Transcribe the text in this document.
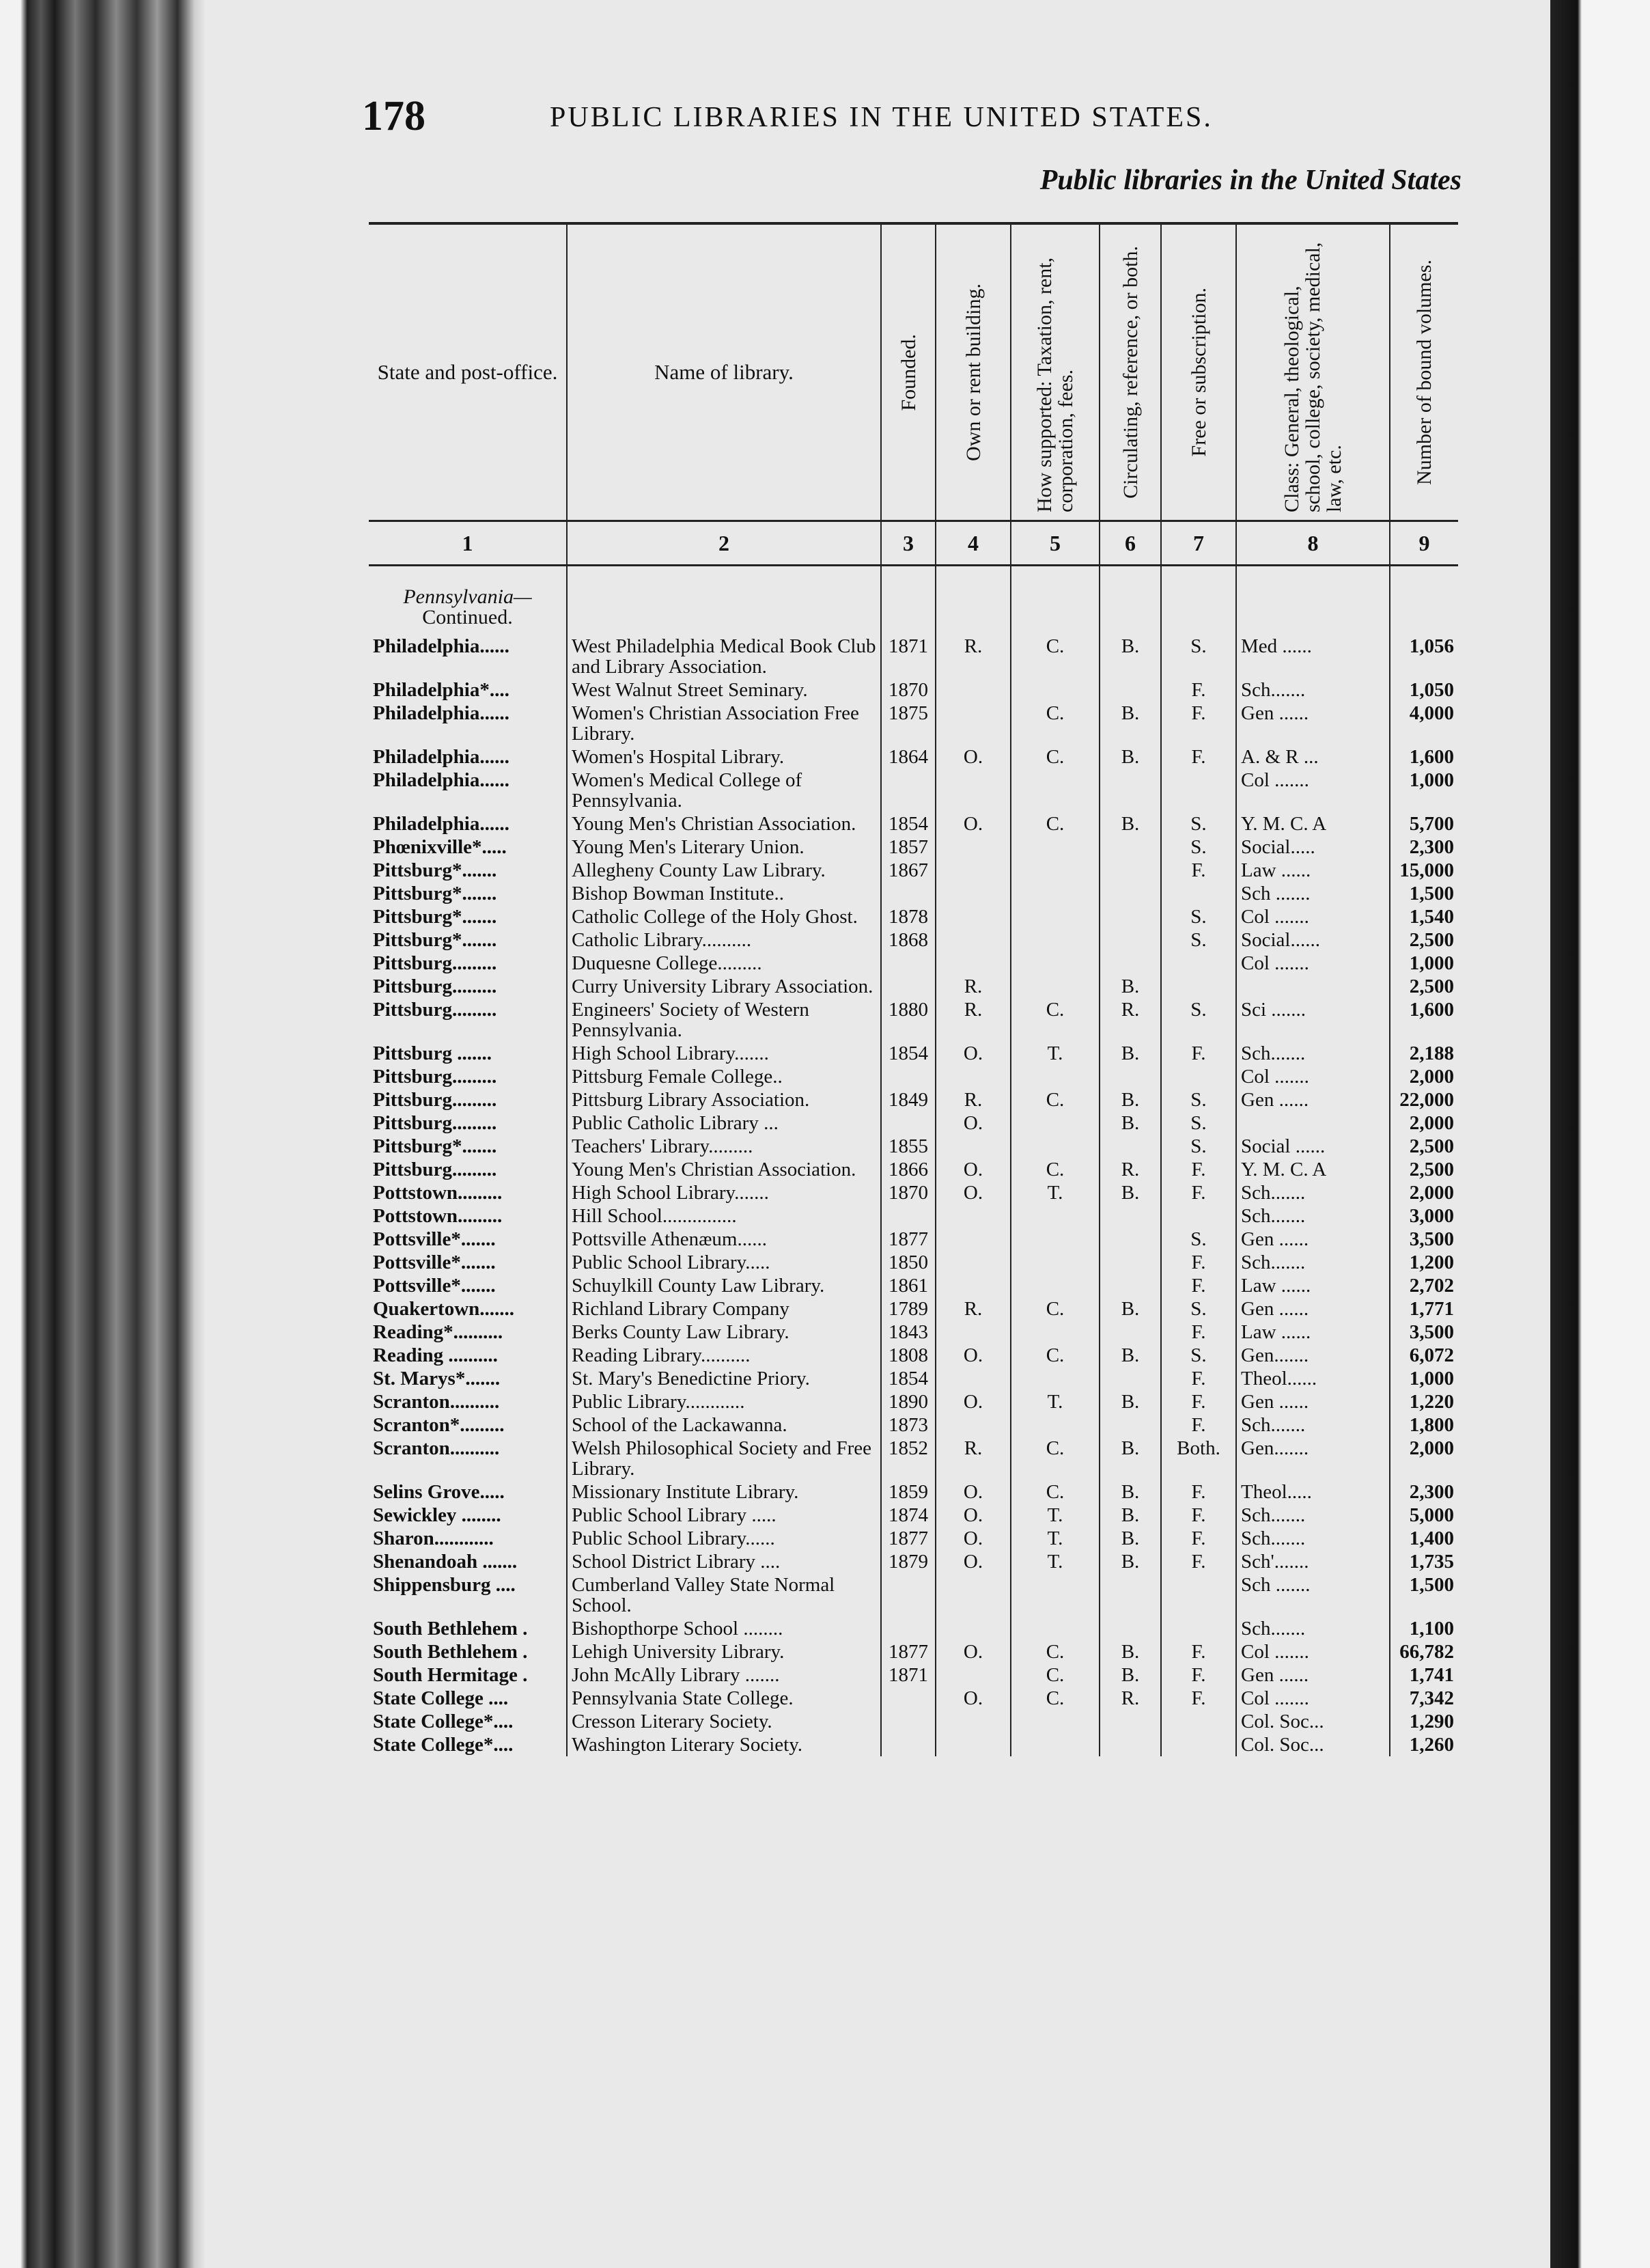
178	PUBLIC LIBRARIES IN THE UNITED STATES.
Public libraries in the United States
State and post-office.	Name of library.	Founded.	Own or rent building.	How supported: Taxation, rent, corporation, fees.	Circulating, reference, or both.	Free or subscription.	Class: General, theological, school, college, society, medical, law, etc.	Number of bound volumes.

1	2	3	4	5	6	7	8	9
Pennsylvania—
Continued.								

Philadelphia......	West Philadelphia Medical Book Club and Library Association.	1871	R.	C.	B.	S.	Med ......	1,056
Philadelphia*....	West Walnut Street Seminary.	1870				F.	Sch.......	1,050
Philadelphia......	Women's Christian Association Free Library.	1875		C.	B.	F.	Gen ......	4,000
Philadelphia......	Women's Hospital Library.	1864	O.	C.	B.	F.	A. & R ...	1,600
Philadelphia......	Women's Medical College of Pennsylvania.						Col .......	1,000
Philadelphia......	Young Men's Christian Association.	1854	O.	C.	B.	S.	Y. M. C. A	5,700
Phœnixville*.....	Young Men's Literary Union.	1857				S.	Social.....	2,300
Pittsburg*.......	Allegheny County Law Library.	1867				F.	Law ......	15,000
Pittsburg*.......	Bishop Bowman Institute..						Sch .......	1,500
Pittsburg*.......	Catholic College of the Holy Ghost.	1878				S.	Col .......	1,540
Pittsburg*.......	Catholic Library..........	1868				S.	Social......	2,500
Pittsburg.........	Duquesne College.........						Col .......	1,000
Pittsburg.........	Curry University Library Association.		R.		B.			2,500
Pittsburg.........	Engineers' Society of Western Pennsylvania.	1880	R.	C.	R.	S.	Sci .......	1,600
Pittsburg .......	High School Library.......	1854	O.	T.	B.	F.	Sch.......	2,188
Pittsburg.........	Pittsburg Female College..						Col .......	2,000
Pittsburg.........	Pittsburg Library Association.	1849	R.	C.	B.	S.	Gen ......	22,000
Pittsburg.........	Public Catholic Library ...		O.		B.	S.		2,000
Pittsburg*.......	Teachers' Library.........	1855				S.	Social ......	2,500
Pittsburg.........	Young Men's Christian Association.	1866	O.	C.	R.	F.	Y. M. C. A	2,500
Pottstown.........	High School Library.......	1870	O.	T.	B.	F.	Sch.......	2,000
Pottstown.........	Hill School...............						Sch.......	3,000
Pottsville*.......	Pottsville Athenæum......	1877				S.	Gen ......	3,500
Pottsville*.......	Public School Library.....	1850				F.	Sch.......	1,200
Pottsville*.......	Schuylkill County Law Library.	1861				F.	Law ......	2,702
Quakertown.......	Richland Library Company	1789	R.	C.	B.	S.	Gen ......	1,771
Reading*..........	Berks County Law Library.	1843				F.	Law ......	3,500
Reading ..........	Reading Library..........	1808	O.	C.	B.	S.	Gen.......	6,072
St. Marys*.......	St. Mary's Benedictine Priory.	1854				F.	Theol......	1,000
Scranton..........	Public Library............	1890	O.	T.	B.	F.	Gen ......	1,220
Scranton*.........	School of the Lackawanna.	1873				F.	Sch.......	1,800
Scranton..........	Welsh Philosophical Society and Free Library.	1852	R.	C.	B.	Both.	Gen.......	2,000
Selins Grove.....	Missionary Institute Library.	1859	O.	C.	B.	F.	Theol.....	2,300
Sewickley ........	Public School Library .....	1874	O.	T.	B.	F.	Sch.......	5,000
Sharon............	Public School Library......	1877	O.	T.	B.	F.	Sch.......	1,400
Shenandoah .......	School District Library ....	1879	O.	T.	B.	F.	Sch'.......	1,735
Shippensburg ....	Cumberland Valley State Normal School.						Sch .......	1,500
South Bethlehem .	Bishopthorpe School ........						Sch.......	1,100
South Bethlehem .	Lehigh University Library.	1877	O.	C.	B.	F.	Col .......	66,782
South Hermitage .	John McAlly Library .......	1871		C.	B.	F.	Gen ......	1,741
State College ....	Pennsylvania State College.		O.	C.	R.	F.	Col .......	7,342
State College*....	Cresson Literary Society.						Col. Soc...	1,290
State College*....	Washington Literary Society.						Col. Soc...	1,260
